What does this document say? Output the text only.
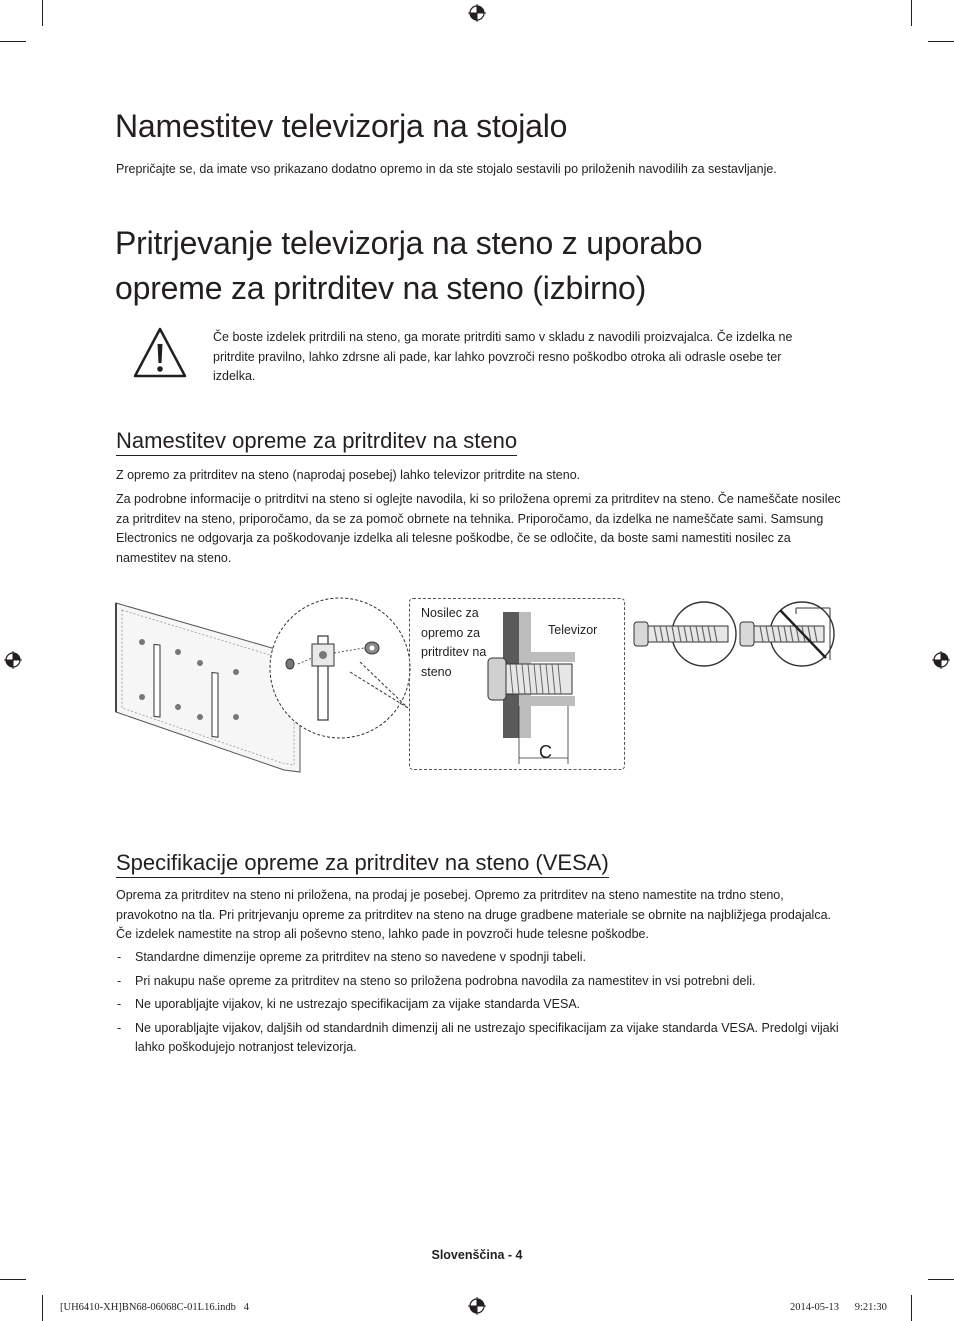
Namestitev televizorja na stojalo

Prepričajte se, da imate vso prikazano dodatno opremo in da ste stojalo sestavili po priloženih navodilih za sestavljanje.

Pritrjevanje televizorja na steno z uporabo
opreme za pritrditev na steno (izbirno)

Če boste izdelek pritrdili na steno, ga morate pritrditi samo v skladu z navodili proizvajalca. Če izdelka ne pritrdite pravilno, lahko zdrsne ali pade, kar lahko povzroči resno poškodbo otroka ali odrasle osebe ter izdelka.

Namestitev opreme za pritrditev na steno

Z opremo za pritrditev na steno (naprodaj posebej) lahko televizor pritrdite na steno.

Za podrobne informacije o pritrditvi na steno si oglejte navodila, ki so priložena opremi za pritrditev na steno. Če nameščate nosilec za pritrditev na steno, priporočamo, da se za pomoč obrnete na tehnika. Priporočamo, da izdelka ne nameščate sami. Samsung Electronics ne odgovarja za poškodovanje izdelka ali telesne poškodbe, če se odločite, da boste sami namestiti nosilec za namestitev na steno.

Nosilec za opremo za pritrditev na steno

Televizor

C

Specifikacije opreme za pritrditev na steno (VESA)

Oprema za pritrditev na steno ni priložena, na prodaj je posebej. Opremo za pritrditev na steno namestite na trdno steno, pravokotno na tla. Pri pritrjevanju opreme za pritrditev na steno na druge gradbene materiale se obrnite na najbližjega prodajalca. Če izdelek namestite na strop ali poševno steno, lahko pade in povzroči hude telesne poškodbe.

- Standardne dimenzije opreme za pritrditev na steno so navedene v spodnji tabeli.
- Pri nakupu naše opreme za pritrditev na steno so priložena podrobna navodila za namestitev in vsi potrebni deli.
- Ne uporabljajte vijakov, ki ne ustrezajo specifikacijam za vijake standarda VESA.
- Ne uporabljajte vijakov, daljših od standardnih dimenzij ali ne ustrezajo specifikacijam za vijake standarda VESA. Predolgi vijaki lahko poškodujejo notranjost televizorja.

Slovenščina - 4

[UH6410-XH]BN68-06068C-01L16.indb   4	2014-05-13     9:21:30
